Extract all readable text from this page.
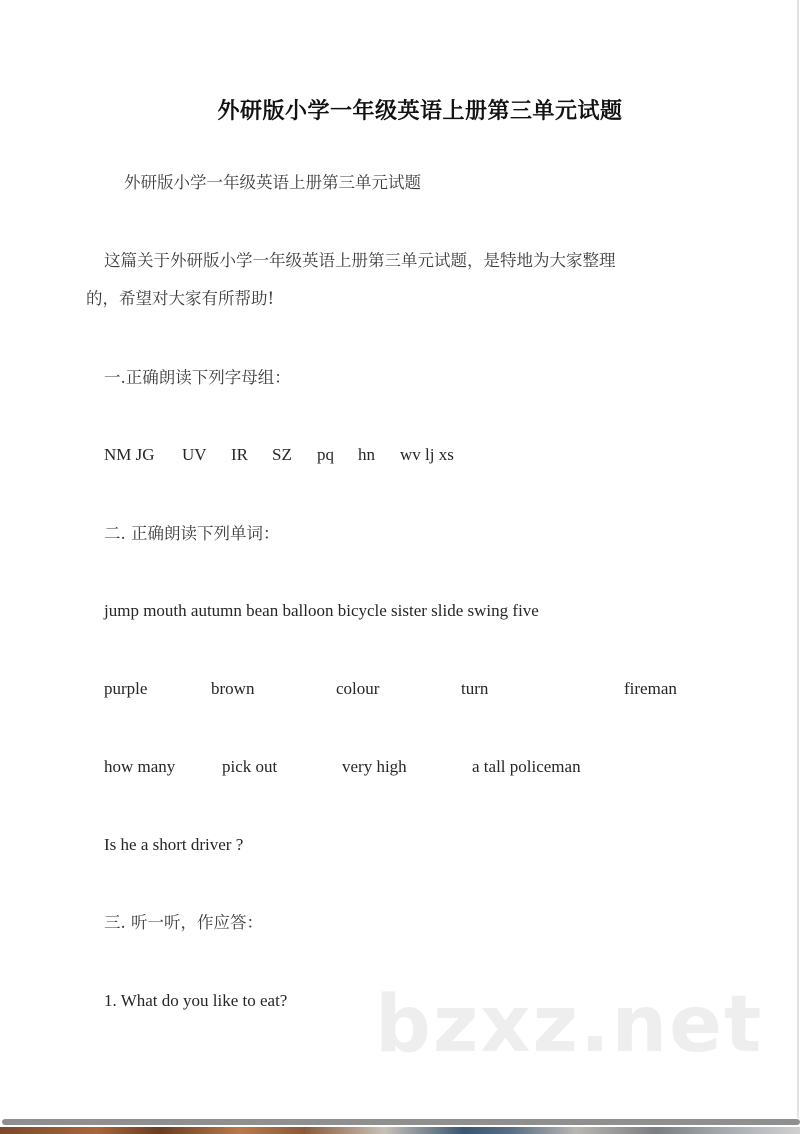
外研版小学一年级英语上册第三单元试题
外研版小学一年级英语上册第三单元试题
这篇关于外研版小学一年级英语上册第三单元试题，是特地为大家整理
的，希望对大家有所帮助!
一.正确朗读下列字母组：
NM JG UV IR SZ pq hn wv lj xs
二. 正确朗读下列单词：
jump mouth autumn bean balloon bicycle sister slide swing five
purple	brown	colour	turn	fireman
how many	pick out	very high	a tall policeman
Is he a short driver ?
三. 听一听，作应答：
1. What do you like to eat? bzxz.net
